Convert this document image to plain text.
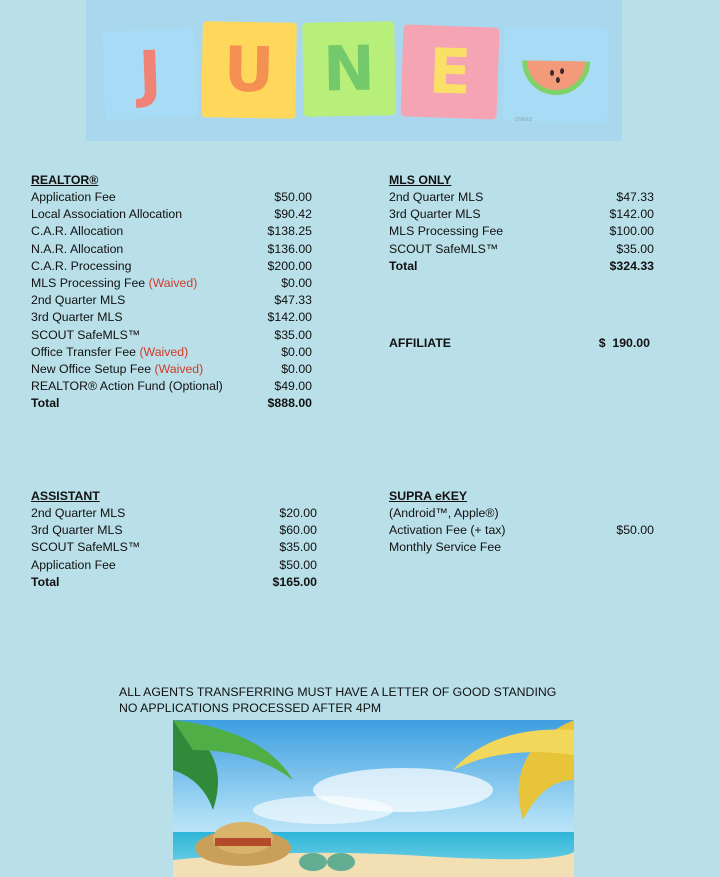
J U N E
chibird
REALTOR®
Application Fee	$50.00
Local Association Allocation	$90.42
C.A.R. Allocation	$138.25
N.A.R. Allocation	$136.00
C.A.R. Processing	$200.00
MLS Processing Fee (Waived)	$0.00
2nd Quarter MLS	$47.33
3rd Quarter MLS	$142.00
SCOUT SafeMLS™	$35.00
Office Transfer Fee (Waived)	$0.00
New Office Setup Fee (Waived)	$0.00
REALTOR® Action Fund (Optional)	$49.00
Total	$888.00
MLS ONLY
2nd Quarter MLS	$47.33
3rd Quarter MLS	$142.00
MLS Processing Fee	$100.00
SCOUT SafeMLS™	$35.00
Total	$324.33
AFFILIATE	$  190.00
ASSISTANT
2nd Quarter MLS	$20.00
3rd Quarter MLS	$60.00
SCOUT SafeMLS™	$35.00
Application Fee	$50.00
Total	$165.00
SUPRA eKEY
(Android™, Apple®)
Activation Fee (+ tax)	$50.00
Monthly Service Fee
ALL AGENTS TRANSFERRING MUST HAVE A LETTER OF GOOD STANDING
NO APPLICATIONS PROCESSED AFTER 4PM
